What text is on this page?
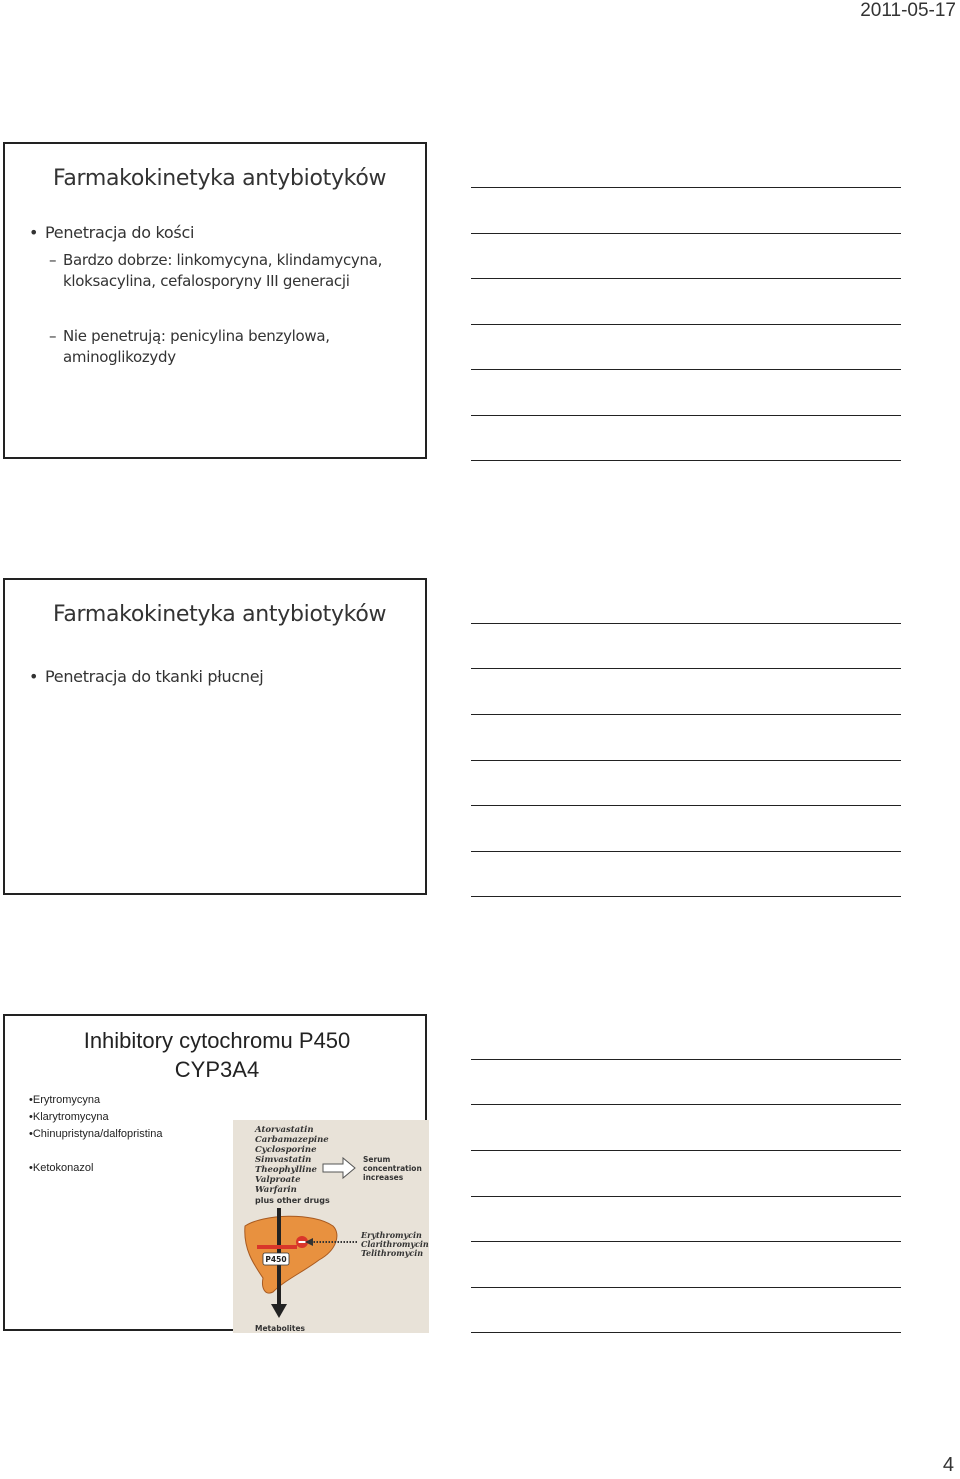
2011-05-17
Farmakokinetyka antybiotyków
• Penetracja do kości
– Bardzo dobrze: linkomycyna, klindamycyna,
kloksacylina, cefalosporyny III generacji
– Nie penetrują: penicylina benzylowa,
aminoglikozydy
Farmakokinetyka antybiotyków
• Penetracja do tkanki płucnej
Inhibitory cytochromu P450
CYP3A4
• Erytromycyna
• Klarytromycyna
• Chinupristyna/dalfopristina
• Ketokonazol
Atorvastatin
Carbamazepine
Cyclosporine
Simvastatin
Theophylline
Valproate
Warfarin
plus other drugs
Serum
concentration
increases
P450
Erythromycin
Clarithromycin
Telithromycin
Metabolites
4
